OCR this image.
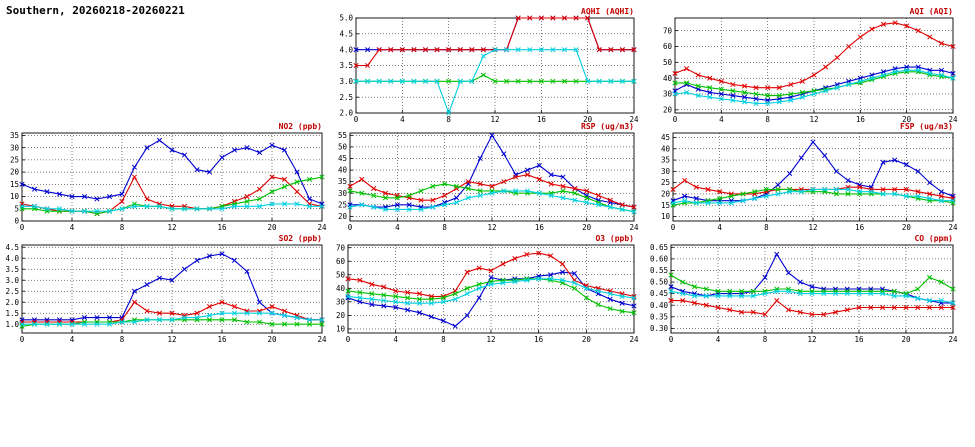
Southern, 20260218-20260221	AQHI (AQHI)
0	4	8	12	16	20	24
2.0
2.5
3.0
3.5
4.0
4.5
5.0
AQI (AQI)
0	4	8	12	16	20	24
20
30
40
50
60
70
NO2 (ppb)
0	4	8	12	16	20	24
0
5
10
15
20
25
30
35
RSP (ug/m3)
0	4	8	12	16	20	24
20
25
30
35
40
45
50
55
FSP (ug/m3)
0	4	8	12	16	20	24
10
15
20
25
30
35
40
45
SO2 (ppb)
0	4	8	12	16	20	24
1.0
1.5
2.0
2.5
3.0
3.5
4.0
4.5
O3 (ppb)
0	4	8	12	16	20	24
10
20
30
40
50
60
70
CO (ppm)
0	4	8	12	16	20	24
0.30
0.35
0.40
0.45
0.50
0.55
0.60
0.65
